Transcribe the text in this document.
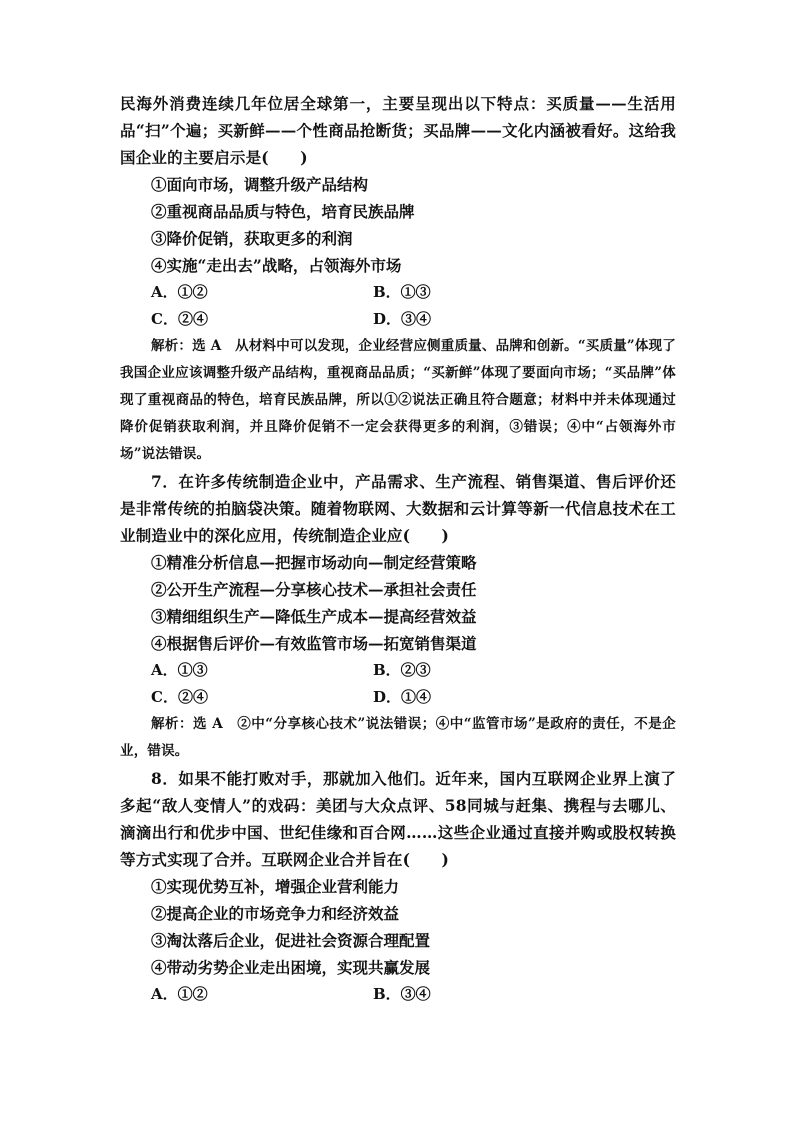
民海外消费连续几年位居全球第一，主要呈现出以下特点：买质量——生活用品“扫”个遍；买新鲜——个性商品抢断货；买品牌——文化内涵被看好。这给我国企业的主要启示是(　　)

①面向市场，调整升级产品结构

②重视商品品质与特色，培育民族品牌

③降价促销，获取更多的利润

④实施“走出去”战略，占领海外市场

A．①②	B．①③
C．②④	D．③④

解析：选 A　 从材料中可以发现，企业经营应侧重质量、品牌和创新。“买质量”体现了我国企业应该调整升级产品结构，重视商品品质；“买新鲜”体现了要面向市场；“买品牌”体现了重视商品的特色，培育民族品牌，所以①②说法正确且符合题意；材料中并未体现通过降价促销获取利润，并且降价促销不一定会获得更多的利润，③错误；④中“占领海外市场”说法错误。

7．在许多传统制造企业中，产品需求、生产流程、销售渠道、售后评价还是非常传统的拍脑袋决策。随着物联网、大数据和云计算等新一代信息技术在工业制造业中的深化应用，传统制造企业应(　　)

①精准分析信息—把握市场动向—制定经营策略

②公开生产流程—分享核心技术—承担社会责任

③精细组织生产—降低生产成本—提高经营效益

④根据售后评价—有效监管市场—拓宽销售渠道

A．①③	B．②③
C．②④	D．①④

解析：选 A　 ②中“分享核心技术”说法错误；④中“监管市场”是政府的责任，不是企业，错误。

8．如果不能打败对手，那就加入他们。近年来，国内互联网企业界上演了多起“敌人变情人”的戏码：美团与大众点评、58同城与赶集、携程与去哪儿、滴滴出行和优步中国、世纪佳缘和百合网……这些企业通过直接并购或股权转换等方式实现了合并。互联网企业合并旨在(　　)

①实现优势互补，增强企业营利能力

②提高企业的市场竞争力和经济效益

③淘汰落后企业，促进社会资源合理配置

④带动劣势企业走出困境，实现共赢发展

A．①②	B．③④
